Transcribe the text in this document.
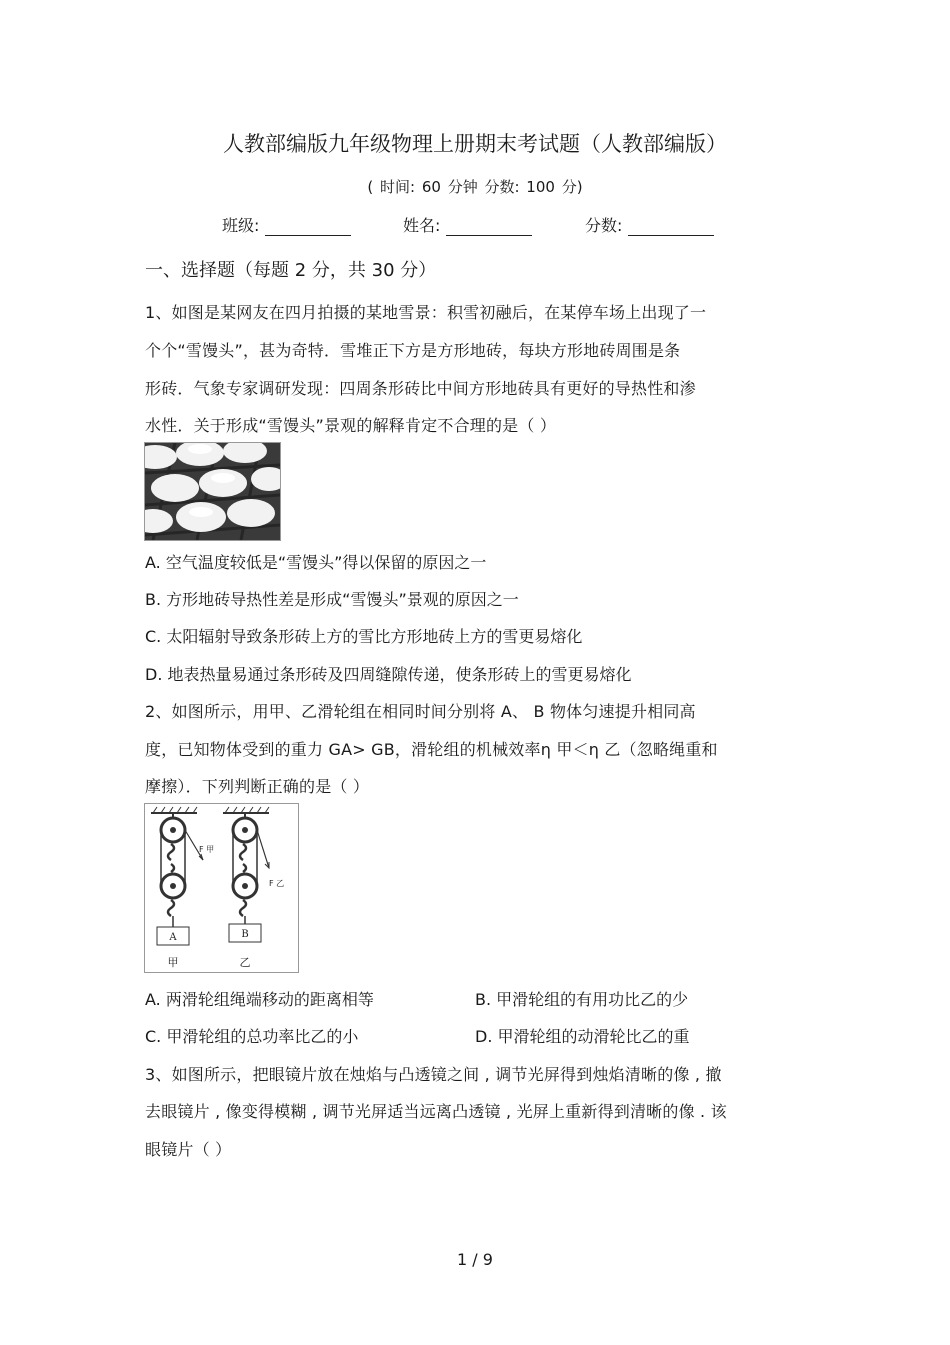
人教部编版九年级物理上册期末考试题（人教部编版）
( 时间: 60 分钟 分数: 100 分)
班级:	姓名:	分数:
一、选择题（每题 2 分，共 30 分）
1、如图是某网友在四月拍摄的某地雪景：积雪初融后，在某停车场上出现了一
个个“雪馒头”，甚为奇特．雪堆正下方是方形地砖，每块方形地砖周围是条
形砖．气象专家调研发现：四周条形砖比中间方形地砖具有更好的导热性和渗
水性．关于形成“雪馒头”景观的解释肯定不合理的是（ ）
A. 空气温度较低是“雪馒头”得以保留的原因之一
B. 方形地砖导热性差是形成“雪馒头”景观的原因之一
C. 太阳辐射导致条形砖上方的雪比方形地砖上方的雪更易熔化
D. 地表热量易通过条形砖及四周缝隙传递，使条形砖上的雪更易熔化
2、如图所示，用甲、乙滑轮组在相同时间分别将 A、 B 物体匀速提升相同高
度，已知物体受到的重力 GA> GB，滑轮组的机械效率η 甲＜η 乙（忽略绳重和
摩擦）．下列判断正确的是（ ）
A
甲
F 甲
B
乙
F 乙
A. 两滑轮组绳端移动的距离相等	B. 甲滑轮组的有用功比乙的少
C. 甲滑轮组的总功率比乙的小	D. 甲滑轮组的动滑轮比乙的重
3、如图所示，把眼镜片放在烛焰与凸透镜之间 , 调节光屏得到烛焰清晰的像 , 撤
去眼镜片 , 像变得模糊 , 调节光屏适当远离凸透镜 , 光屏上重新得到清晰的像 . 该
眼镜片（ ）
1 / 9
